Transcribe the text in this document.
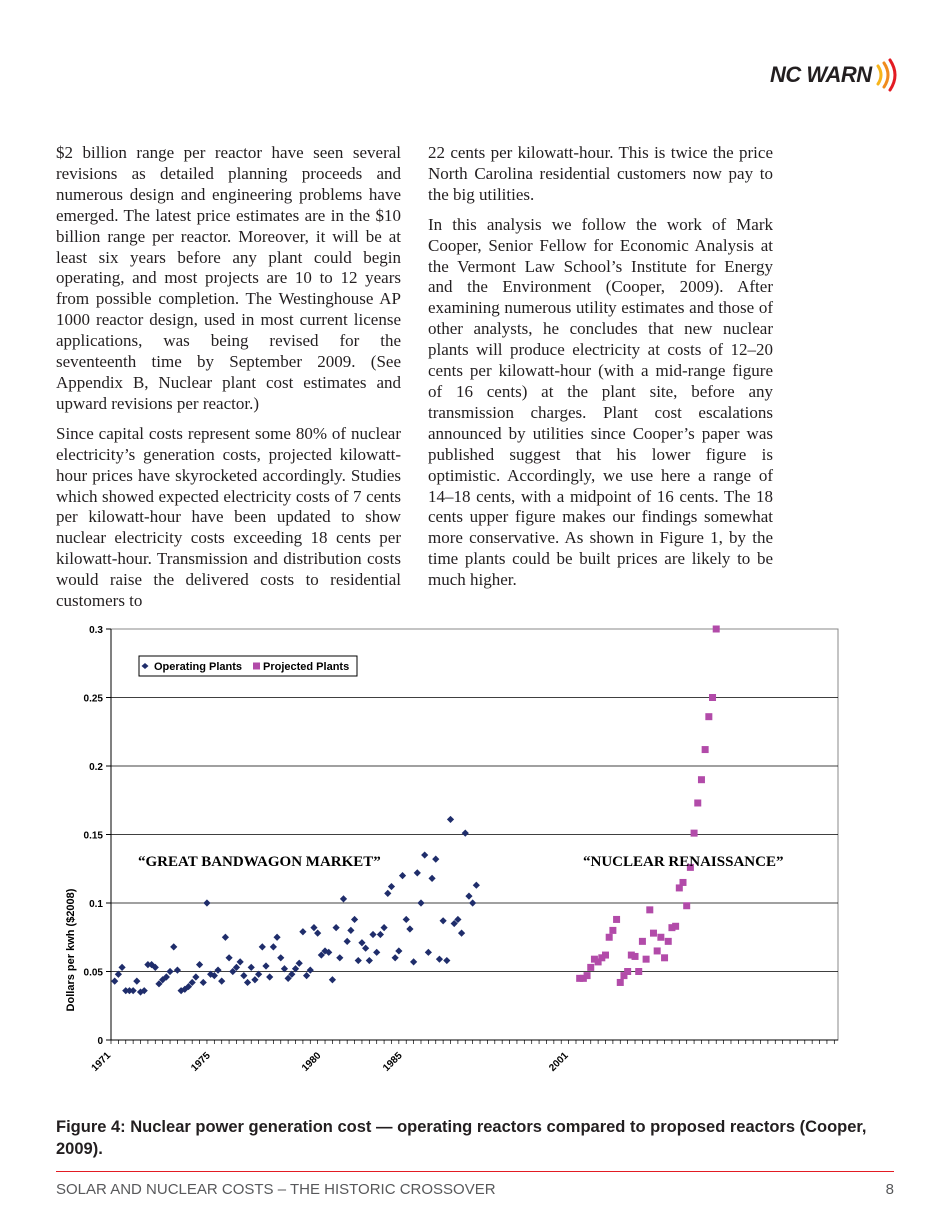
NC WARN

$2 billion range per reactor have seen several revisions as detailed planning proceeds and numerous design and engineering problems have emerged. The latest price estimates are in the $10 billion range per reactor. Moreover, it will be at least six years before any plant could begin operating, and most projects are 10 to 12 years from possible completion. The Westinghouse AP 1000 reactor design, used in most current license applications, was being revised for the seventeenth time by September 2009. (See Appendix B, Nuclear plant cost estimates and upward revisions per reactor.)

Since capital costs represent some 80% of nuclear electricity’s generation costs, projected kilowatt-hour prices have skyrocketed accordingly. Studies which showed expected electricity costs of 7 cents per kilowatt-hour have been updated to show nuclear electricity costs exceeding 18 cents per kilowatt-hour. Transmission and distribution costs would raise the delivered costs to residential customers to

22 cents per kilowatt-hour. This is twice the price North Carolina residential customers now pay to the big utilities.

In this analysis we follow the work of Mark Cooper, Senior Fellow for Economic Analysis at the Vermont Law School’s Institute for Energy and the Environment (Cooper, 2009). After examining numerous utility estimates and those of other analysts, he concludes that new nuclear plants will produce electricity at costs of 12–20 cents per kilowatt-hour (with a mid-range figure of 16 cents) at the plant site, before any transmission charges. Plant cost escalations announced by utilities since Cooper’s paper was published suggest that his lower figure is optimistic. Accordingly, we use here a range of 14–18 cents, with a midpoint of 16 cents. The 18 cents upper figure makes our findings somewhat more conservative. As shown in Figure 1, by the time plants could be built prices are likely to be much higher.

0
0.05
0.1
0.15
0.2
0.25
0.3
1971	1975	1980	1985	2001
Operating Plants Projected Plants
“GREAT BANDWAGON MARKET”	“NUCLEAR RENAISSANCE”
Dollars per kwh ($2008)
Figure 4: Nuclear power generation cost — operating reactors compared to proposed reactors (Cooper, 2009).
SOLAR AND NUCLEAR COSTS – THE HISTORIC CROSSOVER	8
